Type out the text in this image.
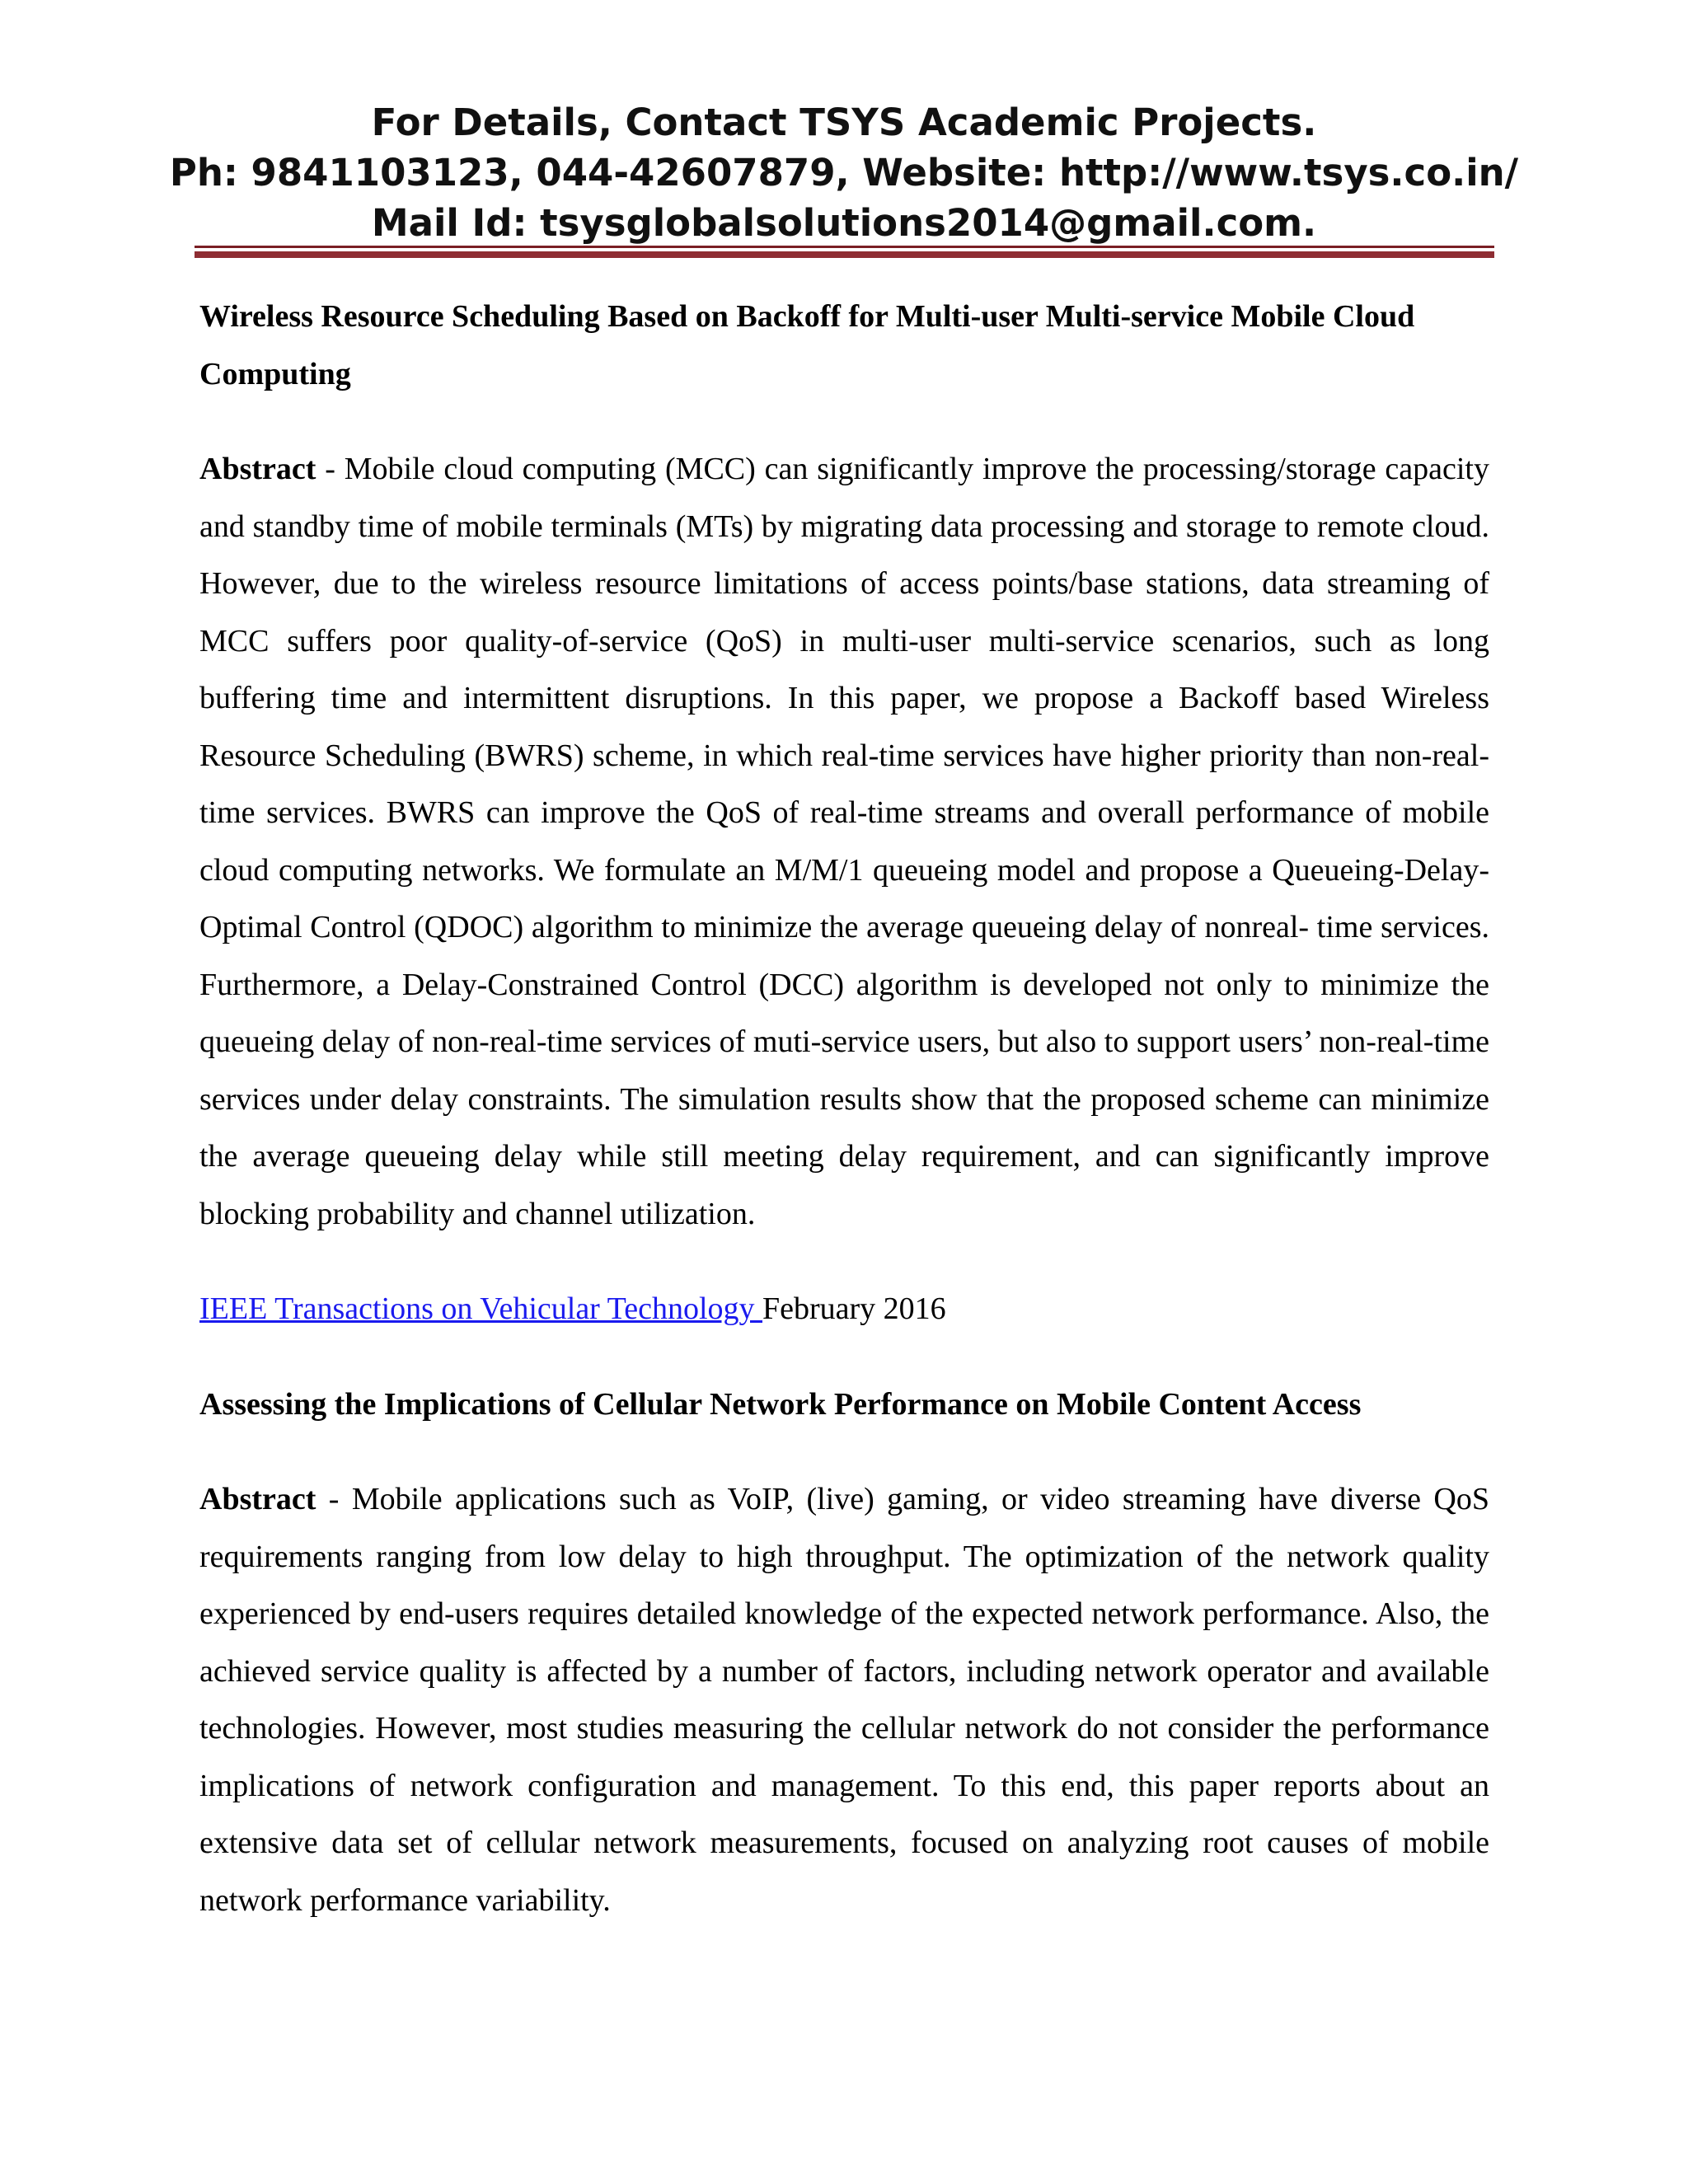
For Details, Contact TSYS Academic Projects.
Ph: 9841103123, 044-42607879, Website: http://www.tsys.co.in/
Mail Id: tsysglobalsolutions2014@gmail.com.

Wireless Resource Scheduling Based on Backoff for Multi-user Multi-service Mobile Cloud Computing

Abstract - Mobile cloud computing (MCC) can significantly improve the processing/storage capacity and standby time of mobile terminals (MTs) by migrating data processing and storage to remote cloud. However, due to the wireless resource limitations of access points/base stations, data streaming of MCC suffers poor quality-of-service (QoS) in multi-user multi-service scenarios, such as long buffering time and intermittent disruptions. In this paper, we propose a Backoff based Wireless Resource Scheduling (BWRS) scheme, in which real-time services have higher priority than non-real-time services. BWRS can improve the QoS of real-time streams and overall performance of mobile cloud computing networks. We formulate an M/M/1 queueing model and propose a Queueing-Delay-Optimal Control (QDOC) algorithm to minimize the average queueing delay of nonreal- time services. Furthermore, a Delay-Constrained Control (DCC) algorithm is developed not only to minimize the queueing delay of non-real-time services of muti-service users, but also to support users’ non-real-time services under delay constraints. The simulation results show that the proposed scheme can minimize the average queueing delay while still meeting delay requirement, and can significantly improve blocking probability and channel utilization.

IEEE Transactions on Vehicular Technology February 2016

Assessing the Implications of Cellular Network Performance on Mobile Content Access

Abstract - Mobile applications such as VoIP, (live) gaming, or video streaming have diverse QoS requirements ranging from low delay to high throughput. The optimization of the network quality experienced by end-users requires detailed knowledge of the expected network performance. Also, the achieved service quality is affected by a number of factors, including network operator and available technologies. However, most studies measuring the cellular network do not consider the performance implications of network configuration and management. To this end, this paper reports about an extensive data set of cellular network measurements, focused on analyzing root causes of mobile network performance variability.
